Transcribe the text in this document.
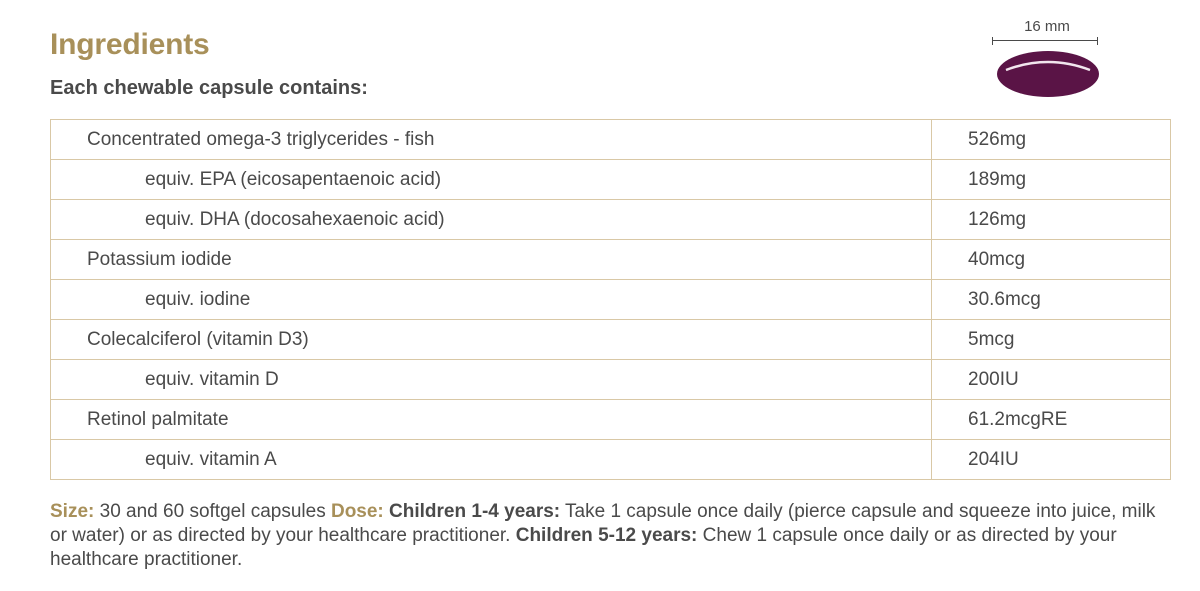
Ingredients
Each chewable capsule contains:
16 mm
Concentrated omega-3 triglycerides - fish	526mg
equiv. EPA (eicosapentaenoic acid)	189mg
equiv. DHA (docosahexaenoic acid)	126mg
Potassium iodide	40mcg
equiv. iodine	30.6mcg
Colecalciferol (vitamin D3)	5mcg
equiv. vitamin D	200IU
Retinol palmitate	61.2mcgRE
equiv. vitamin A	204IU
Size: 30 and 60 softgel capsules Dose: Children 1-4 years: Take 1 capsule once daily (pierce capsule and squeeze into juice, milk or water) or as directed by your healthcare practitioner. Children 5-12 years: Chew 1 capsule once daily or as directed by your healthcare practitioner.
